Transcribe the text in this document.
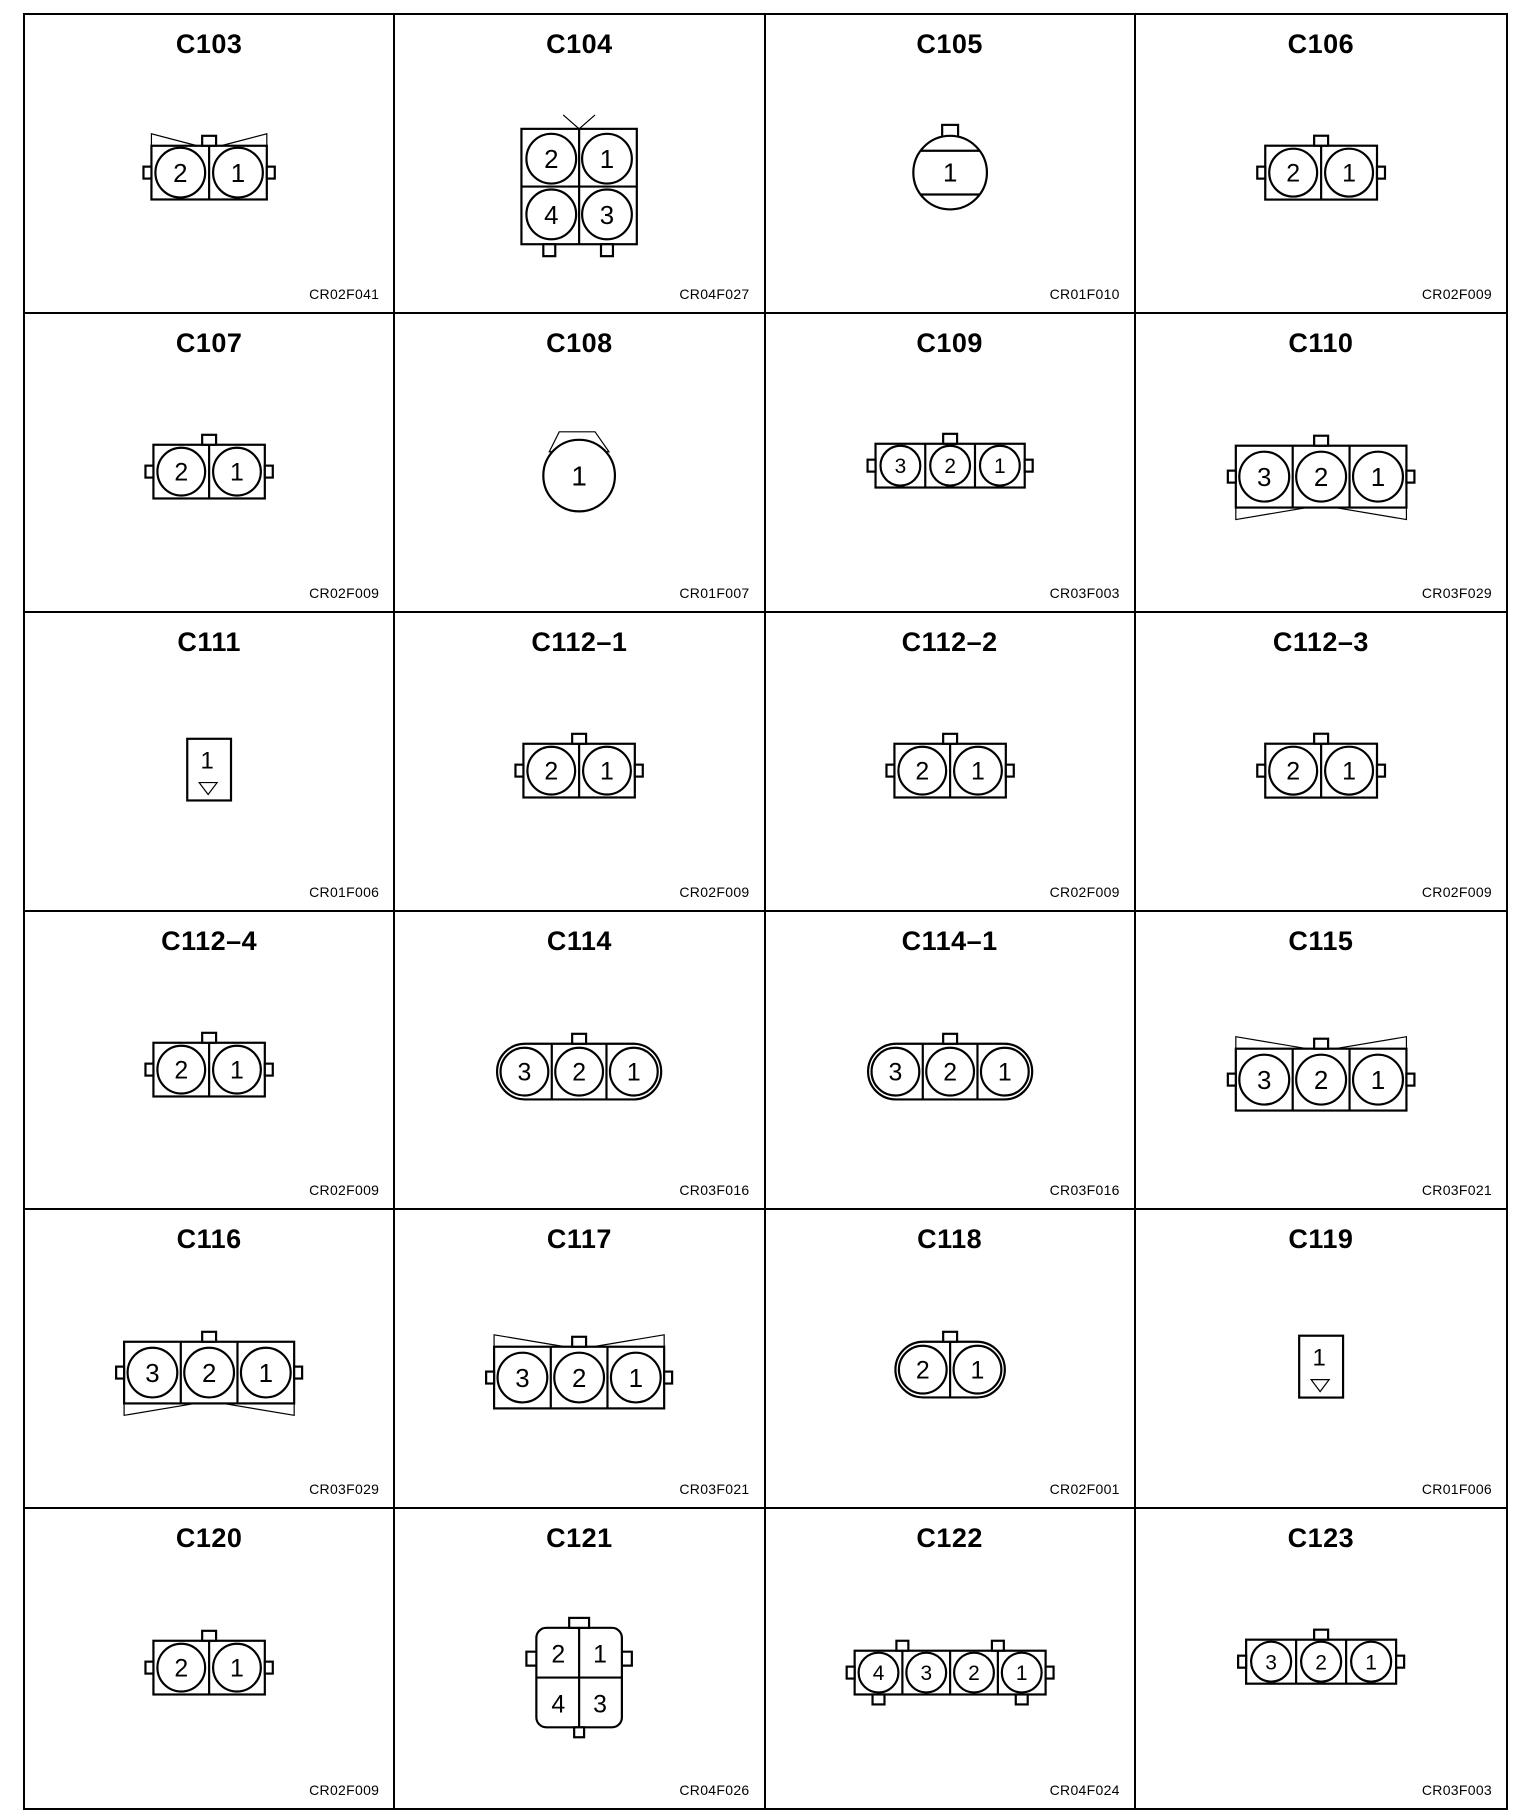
2 1
C103
CR02F041
2 1
4 3
C104
CR04F027
1
C105
CR01F010
2 1
C106
CR02F009
2 1
C107
CR02F009
1
C108
CR01F007
3 2 1
C109
CR03F003
3 2 1
C110
CR03F029
1
C111
CR01F006
2 1
C112–1
CR02F009
2 1
C112–2
CR02F009
2 1
C112–3
CR02F009
2 1
C112–4
CR02F009
3 2 1
C114
CR03F016
3 2 1
C114–1
CR03F016
3 2 1
C115
CR03F021
3 2 1
C116
CR03F029
3 2 1
C117
CR03F021
2 1
C118
CR02F001
1
C119
CR01F006
2 1
C120
CR02F009
2 1
4 3
C121
CR04F026
4 3 2 1
C122
CR04F024
3 2 1
C123
CR03F003
